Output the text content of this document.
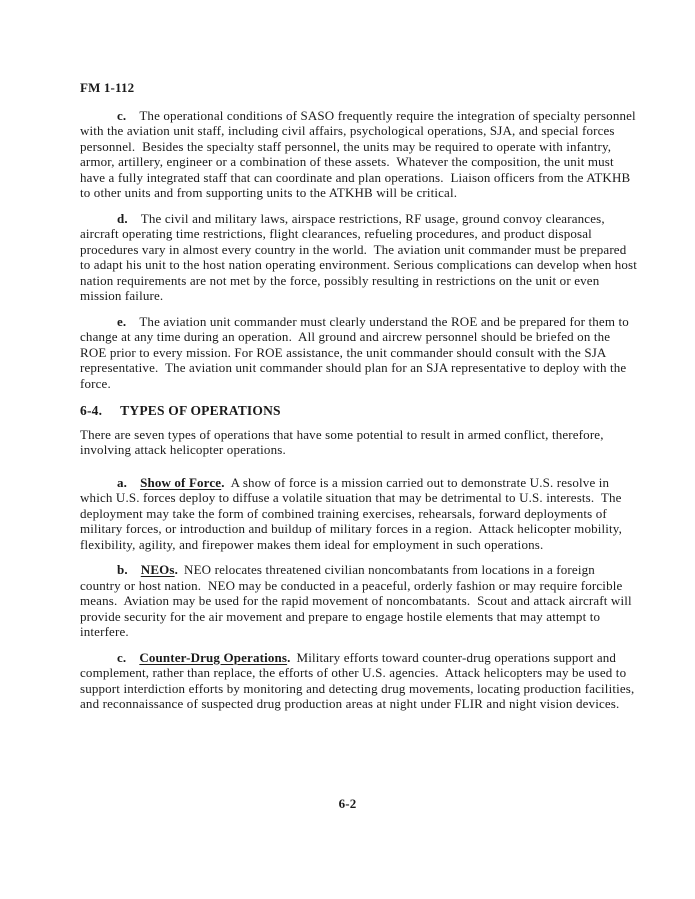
FM 1-112

c. The operational conditions of SASO frequently require the integration of specialty personnel with the aviation unit staff, including civil affairs, psychological operations, SJA, and special forces personnel.  Besides the specialty staff personnel, the units may be required to operate with infantry, armor, artillery, engineer or a combination of these assets.  Whatever the composition, the unit must have a fully integrated staff that can coordinate and plan operations.  Liaison officers from the ATKHB to other units and from supporting units to the ATKHB will be critical.

d. The civil and military laws, airspace restrictions, RF usage, ground convoy clearances, aircraft operating time restrictions, flight clearances, refueling procedures, and product disposal procedures vary in almost every country in the world.  The aviation unit commander must be prepared to adapt his unit to the host nation operating environment. Serious complications can develop when host nation requirements are not met by the force, possibly resulting in restrictions on the unit or even mission failure.

e. The aviation unit commander must clearly understand the ROE and be prepared for them to change at any time during an operation.  All ground and aircrew personnel should be briefed on the ROE prior to every mission. For ROE assistance, the unit commander should consult with the SJA  representative.  The aviation unit commander should plan for an SJA representative to deploy with the force.

6-4. TYPES OF OPERATIONS

There are seven types of operations that have some potential to result in armed conflict, therefore, involving attack helicopter operations.

a. Show of Force. A show of force is a mission carried out to demonstrate U.S. resolve in which U.S. forces deploy to diffuse a volatile situation that may be detrimental to U.S. interests.  The deployment may take the form of combined training exercises, rehearsals, forward deployments of military forces, or introduction and buildup of military forces in a region.  Attack helicopter mobility, flexibility, agility, and firepower makes them ideal for employment in such operations.

b. NEOs. NEO relocates threatened civilian noncombatants from locations in a foreign country or host nation.  NEO may be conducted in a peaceful, orderly fashion or may require forcible means.  Aviation may be used for the rapid movement of noncombatants.  Scout and attack aircraft will provide security for the air movement and prepare to engage hostile elements that may attempt to interfere.

c. Counter-Drug Operations. Military efforts toward counter-drug operations support and complement, rather than replace, the efforts of other U.S. agencies.  Attack helicopters may be used to support interdiction efforts by monitoring and detecting drug movements, locating production facilities, and reconnaissance of suspected drug production areas at night under FLIR and night vision devices.

6-2
